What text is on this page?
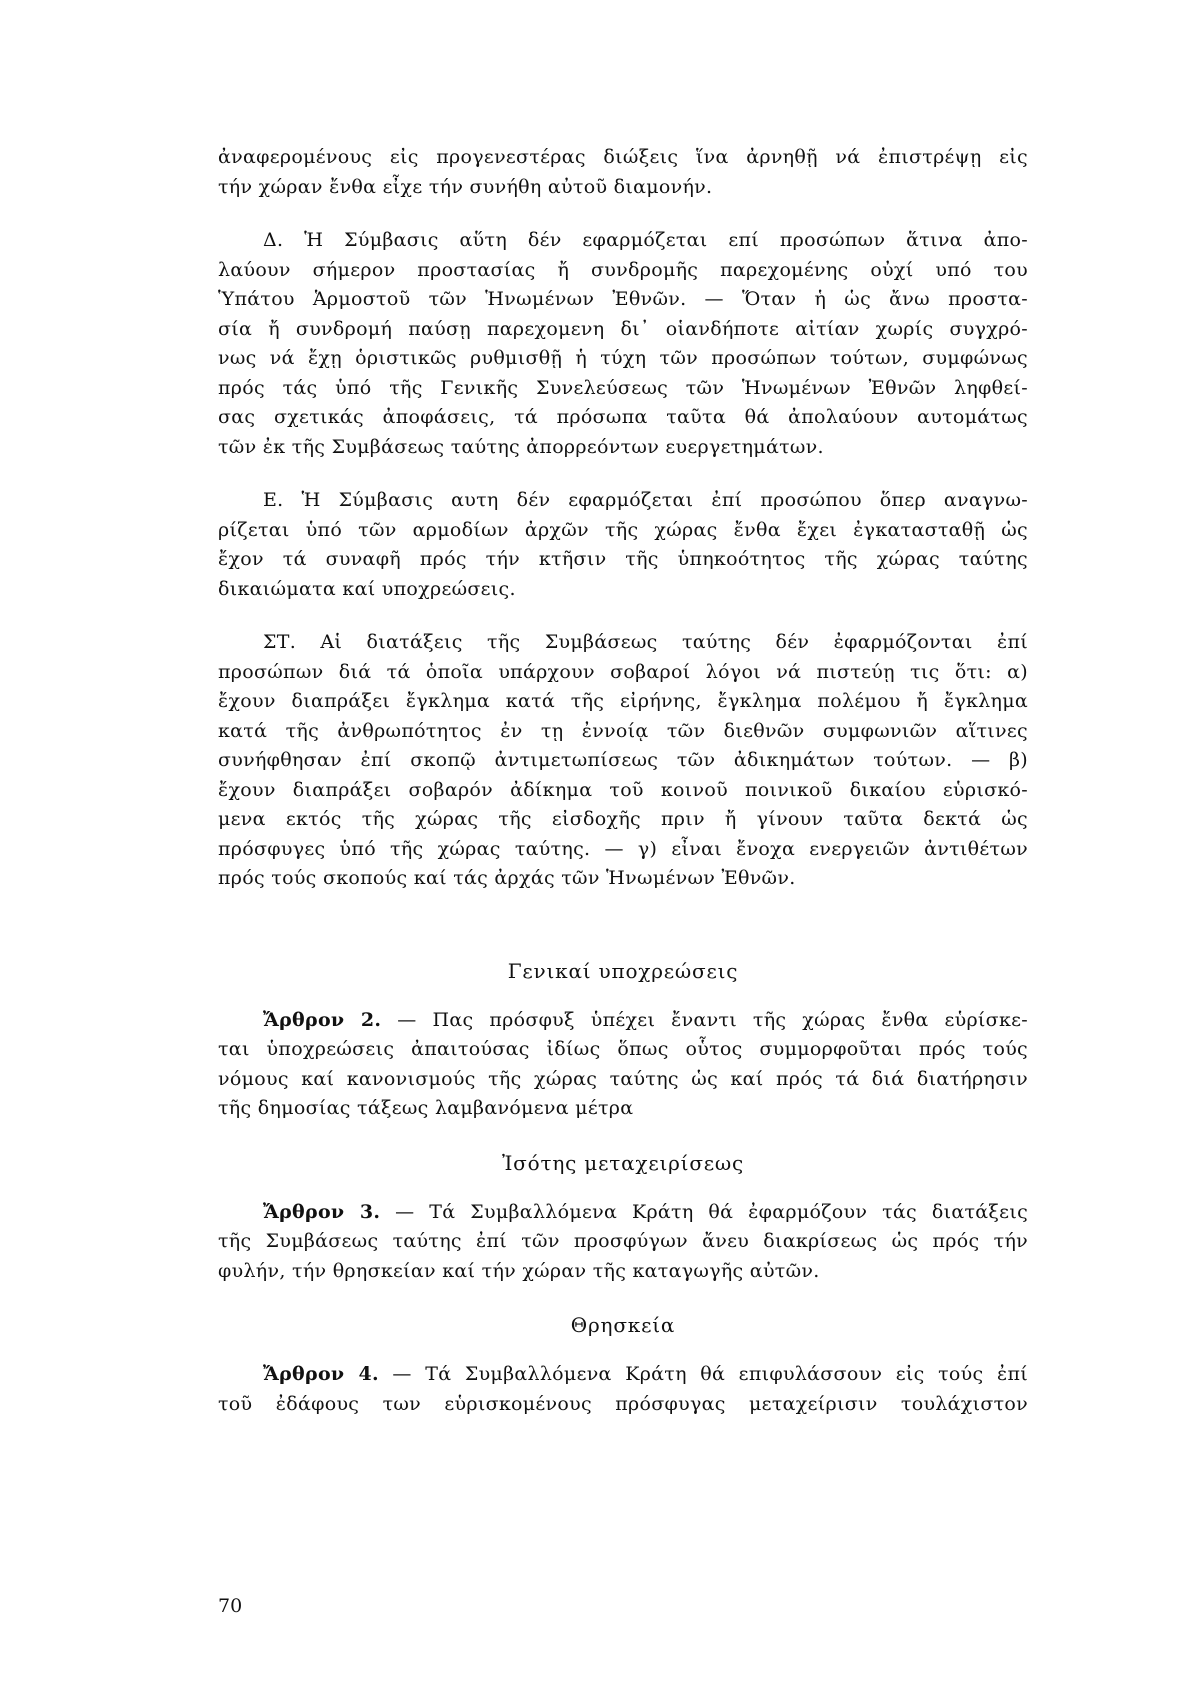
ἀναφερομένους εἰς προγενεστέρας διώξεις ἵνα ἀρνηθῇ νά ἐπιστρέψῃ εἰς
τήν χώραν ἔνθα εἶχε τήν συνήθη αὐτοῦ διαμονήν.
Δ. Ἡ Σύμβασις αὕτη δέν εφαρμόζεται επί προσώπων ἅτινα ἀπο-
λαύουν σήμερον προστασίας ἤ συνδρομῆς παρεχομένης οὐχί υπό του
Ὑπάτου Ἁρμοστοῦ τῶν Ἡνωμένων Ἐθνῶν. — Ὅταν ἡ ὡς ἄνω προστα-
σία ἤ συνδρομή παύσῃ παρεχομενη δι᾿ οἱανδήποτε αἰτίαν χωρίς συγχρό-
νως νά ἔχῃ ὁριστικῶς ρυθμισθῇ ἡ τύχη τῶν προσώπων τούτων, συμφώνως
πρός τάς ὑπό τῆς Γενικῆς Συνελεύσεως τῶν Ἡνωμένων Ἐθνῶν ληφθεί-
σας σχετικάς ἀποφάσεις, τά πρόσωπα ταῦτα θά ἀπολαύουν αυτομάτως
τῶν ἐκ τῆς Συμβάσεως ταύτης ἀπορρεόντων ευεργετημάτων.
Ε. Ἡ Σύμβασις αυτη δέν εφαρμόζεται ἐπί προσώπου ὅπερ αναγνω-
ρίζεται ὑπό τῶν αρμοδίων ἀρχῶν τῆς χώρας ἔνθα ἔχει ἐγκατασταθῇ ὡς
ἔχον τά συναφῆ πρός τήν κτῆσιν τῆς ὑπηκοότητος τῆς χώρας ταύτης
δικαιώματα καί υποχρεώσεις.
ΣΤ. Αἱ διατάξεις τῆς Συμβάσεως ταύτης δέν ἐφαρμόζονται ἐπί
προσώπων διά τά ὁποῖα υπάρχουν σοβαροί λόγοι νά πιστεύῃ τις ὅτι: α)
ἔχουν διαπράξει ἔγκλημα κατά τῆς εἰρήνης, ἔγκλημα πολέμου ἤ ἔγκλημα
κατά τῆς ἀνθρωπότητος ἐν τῃ ἐννοίᾳ τῶν διεθνῶν συμφωνιῶν αἵτινες
συνήφθησαν ἐπί σκοπῷ ἀντιμετωπίσεως τῶν ἀδικημάτων τούτων. — β)
ἔχουν διαπράξει σοβαρόν ἀδίκημα τοῦ κοινοῦ ποινικοῦ δικαίου εὑρισκό-
μενα εκτός τῆς χώρας τῆς εἰσδοχῆς πριν ἤ γίνουν ταῦτα δεκτά ὡς
πρόσφυγες ὑπό τῆς χώρας ταύτης. — γ) εἶναι ἔνοχα ενεργειῶν ἀντιθέτων
πρός τούς σκοπούς καί τάς ἀρχάς τῶν Ἡνωμένων Ἐθνῶν.
Γενικαί υποχρεώσεις
Ἄρθρον 2. — Πας πρόσφυξ ὑπέχει ἔναντι τῆς χώρας ἔνθα εὑρίσκε-
ται ὑποχρεώσεις ἀπαιτούσας ἰδίως ὅπως οὗτος συμμορφοῦται πρός τούς
νόμους καί κανονισμούς τῆς χώρας ταύτης ὡς καί πρός τά διά διατήρησιν
τῆς δημοσίας τάξεως λαμβανόμενα μέτρα
Ἰσότης μεταχειρίσεως
Ἄρθρον 3. — Τά Συμβαλλόμενα Κράτη θά ἐφαρμόζουν τάς διατάξεις
τῆς Συμβάσεως ταύτης ἐπί τῶν προσφύγων ἄνευ διακρίσεως ὡς πρός τήν
φυλήν, τήν θρησκείαν καί τήν χώραν τῆς καταγωγῆς αὐτῶν.
Θρησκεία
Ἄρθρον 4. — Τά Συμβαλλόμενα Κράτη θά επιφυλάσσουν εἰς τούς ἐπί
τοῦ ἐδάφους των εὑρισκομένους πρόσφυγας μεταχείρισιν τουλάχιστον
70
